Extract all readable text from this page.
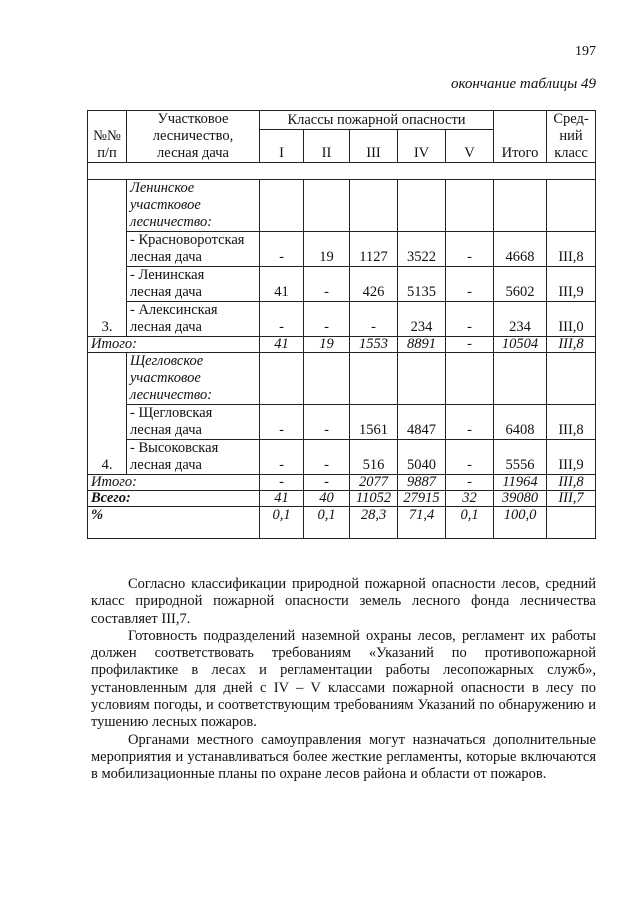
197
окончание таблицы 49
№№
п/п	Участковое
лесничество,
лесная дача	Классы пожарной опасности					Итого	Сред-
ний
класс
		I	II	III	IV	V		

3.	Ленинское
участковое
лесничество:							
	- Красноворотская
лесная дача	-	19	1127	3522	-	4668	III,8
	- Ленинская
лесная дача	41	-	426	5135	-	5602	III,9
	- Алексинская
лесная дача	-	-	-	234	-	234	III,0
Итого:		41	19	1553	8891	-	10504	III,8
4.	Щегловское
участковое
лесничество:							
	- Щегловская
лесная дача	-	-	1561	4847	-	6408	III,8
	- Высоковская
лесная дача	-	-	516	5040	-	5556	III,9
Итого:		-	-	2077	9887	-	11964	III,8
Всего:		41	40	11052	27915	32	39080	III,7
%		0,1	0,1	28,3	71,4	0,1	100,0	

Согласно классификации природной пожарной опасности лесов, средний класс природной пожарной опасности земель лесного фонда лесничества составляет III,7.

Готовность подразделений наземной охраны лесов, регламент их работы должен соответствовать требованиям «Указаний по противопожарной профилактике в лесах и регламентации работы лесопожарных служб», установленным для дней с IV – V классами пожарной опасности в лесу по условиям погоды, и соответствующим требованиям Указаний по обнаружению и тушению лесных пожаров.

Органами местного самоуправления могут назначаться дополнительные мероприятия и устанавливаться более жесткие регламенты, которые включаются в мобилизационные планы по охране лесов района и области от пожаров.
